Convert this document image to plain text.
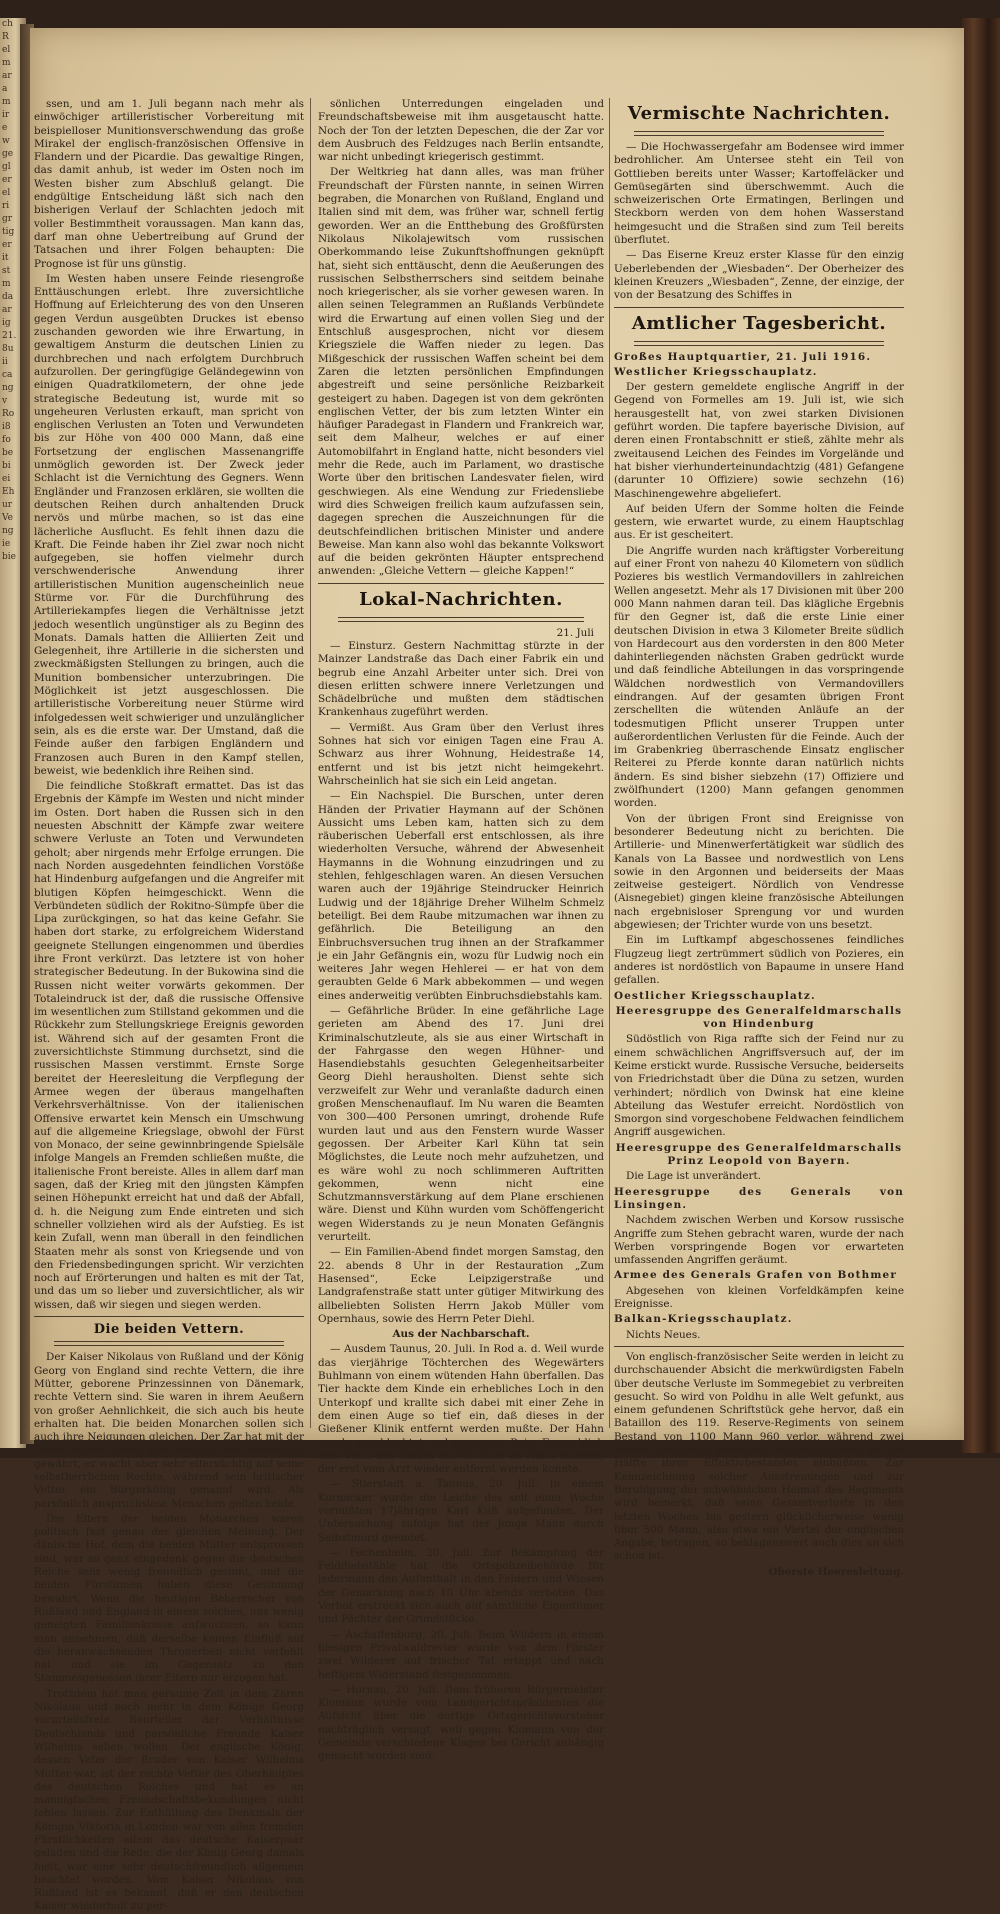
ch
R
el
m
ar
a
m
ir
e
w
ge
gl
er
el
ri
gr
tig
er
it
st
m
da
ar
ig
21.
8u
ii
ca
ng
v
Ro
i8
fo
be
bi
ei
Eh
ur
Ve
ng
ie
bie

ssen, und am 1. Juli begann nach mehr als einwöchiger artilleristischer Vorbereitung mit beispielloser Munitionsverschwendung das große Mirakel der englisch-französischen Offensive in Flandern und der Picardie. Das gewaltige Ringen, das damit anhub, ist weder im Osten noch im Westen bisher zum Abschluß gelangt. Die endgültige Entscheidung läßt sich nach den bisherigen Verlauf der Schlachten jedoch mit voller Bestimmtheit voraussagen. Man kann das, darf man ohne Uebertreibung auf Grund der Tatsachen und ihrer Folgen behaupten: Die Prognose ist für uns günstig.

Im Westen haben unsere Feinde riesengroße Enttäuschungen erlebt. Ihre zuversichtliche Hoffnung auf Erleichterung des von den Unseren gegen Verdun ausgeübten Druckes ist ebenso zuschanden geworden wie ihre Erwartung, in gewaltigem Ansturm die deutschen Linien zu durchbrechen und nach erfolgtem Durchbruch aufzurollen. Der geringfügige Geländegewinn von einigen Quadratkilometern, der ohne jede strategische Bedeutung ist, wurde mit so ungeheuren Verlusten erkauft, man spricht von englischen Verlusten an Toten und Verwundeten bis zur Höhe von 400 000 Mann, daß eine Fortsetzung der englischen Massenangriffe unmöglich geworden ist. Der Zweck jeder Schlacht ist die Vernichtung des Gegners. Wenn Engländer und Franzosen erklären, sie wollten die deutschen Reihen durch anhaltenden Druck nervös und mürbe machen, so ist das eine lächerliche Ausflucht. Es fehlt ihnen dazu die Kraft. Die Feinde haben ihr Ziel zwar noch nicht aufgegeben, sie hoffen vielmehr durch verschwenderische Anwendung ihrer artilleristischen Munition augenscheinlich neue Stürme vor. Für die Durchführung des Artilleriekampfes liegen die Verhältnisse jetzt jedoch wesentlich ungünstiger als zu Beginn des Monats. Damals hatten die Alliierten Zeit und Gelegenheit, ihre Artillerie in die sichersten und zweckmäßigsten Stellungen zu bringen, auch die Munition bombensicher unterzubringen. Die Möglichkeit ist jetzt ausgeschlossen. Die artilleristische Vorbereitung neuer Stürme wird infolgedessen weit schwieriger und unzulänglicher sein, als es die erste war. Der Umstand, daß die Feinde außer den farbigen Engländern und Franzosen auch Buren in den Kampf stellen, beweist, wie bedenklich ihre Reihen sind.

Die feindliche Stoßkraft ermattet. Das ist das Ergebnis der Kämpfe im Westen und nicht minder im Osten. Dort haben die Russen sich in den neuesten Abschnitt der Kämpfe zwar weitere schwere Verluste an Toten und Verwundeten geholt; aber nirgends mehr Erfolge errungen. Die nach Norden ausgedehnten feindlichen Vorstöße hat Hindenburg aufgefangen und die Angreifer mit blutigen Köpfen heimgeschickt. Wenn die Verbündeten südlich der Rokitno-Sümpfe über die Lipa zurückgingen, so hat das keine Gefahr. Sie haben dort starke, zu erfolgreichem Widerstand geeignete Stellungen eingenommen und überdies ihre Front verkürzt. Das letztere ist von hoher strategischer Bedeutung. In der Bukowina sind die Russen nicht weiter vorwärts gekommen. Der Totaleindruck ist der, daß die russische Offensive im wesentlichen zum Stillstand gekommen und die Rückkehr zum Stellungskriege Ereignis geworden ist. Während sich auf der gesamten Front die zuversichtlichste Stimmung durchsetzt, sind die russischen Massen verstimmt. Ernste Sorge bereitet der Heeresleitung die Verpflegung der Armee wegen der überaus mangelhaften Verkehrsverhältnisse. Von der italienischen Offensive erwartet kein Mensch ein Umschwung auf die allgemeine Kriegslage, obwohl der Fürst von Monaco, der seine gewinnbringende Spielsäle infolge Mangels an Fremden schließen mußte, die italienische Front bereiste. Alles in allem darf man sagen, daß der Krieg mit den jüngsten Kämpfen seinen Höhepunkt erreicht hat und daß der Abfall, d. h. die Neigung zum Ende eintreten und sich schneller vollziehen wird als der Aufstieg. Es ist kein Zufall, wenn man überall in den feindlichen Staaten mehr als sonst von Kriegsende und von den Friedensbedingungen spricht. Wir verzichten noch auf Erörterungen und halten es mit der Tat, und das um so lieber und zuversichtlicher, als wir wissen, daß wir siegen und siegen werden.

Die beiden Vettern.

Der Kaiser Nikolaus von Rußland und der König Georg von England sind rechte Vettern, die ihre Mütter, geborene Prinzessinnen von Dänemark, rechte Vettern sind. Sie waren in ihrem Aeußern von großer Aehnlichkeit, die sich auch bis heute erhalten hat. Die beiden Monarchen sollen sich auch ihre Neigungen gleichen. Der Zar hat mit der Duma seinem Lande wohl eine Art von Verfassung gewährt, er wacht aber sehr eifersüchtig auf seine selbstherrlichen Rechte, während sein britischer Vetter ein Bürgerkönig genannt wird. Als persönlich anspruchslose Menschen gelten beide.

Die Eltern der beiden Monarchen waren politisch fast genau der gleichen Meinung. Der dänische Hof, dem die beiden Mütter entsprossen sind, war so ganz eingedenk gegen die deutschen Reiche sehr wenig freundlich gesinnt, und die beiden Fürstinnen haben diese Gesinnung bewahrt. Wenn die heutigen Beherrscher von Rußland und England in einem solchen, uns wenig geneigten Familienkreise aufwuchsen, so kann man annehmen, daß derselbe keinen Einfluß auf die heranwachsenden Thronerben nicht verfehlt hat und sie im Gegensatz zu den Stammesgenossen ihrer Eltern nur erzogen hat.

Trotzdem hat man geraume Zeit in dem Zaren Nikolaus und noch mehr in dem Könige Georg vorurteilsfreie Beurteiler der Verhältnisse Deutschlands und persönliche Freunde Kaiser Wilhelms sehen wollen. Der englische König, dessen Vater der Bruder von Kaiser Wilhelms Mutter war, ist der rechte Vetter des Oberhauptes des deutschen Reiches und hat es an mannigfachen Freundschaftsbekundungen nicht fehlen lassen. Zur Enthüllung des Denkmals der Königin Viktoria in London war von allen fremden Fürstlichkeiten allein das deutsche Kaiserpaar geladen und die Rede, die der König Georg damals hielt, war eine sehr deutschfreundlich allgemein beachtet worden. Vom Kaiser Nikolaus von Rußland ist es bekannt, daß er den deutschen Kaiser wiederholt zu per-

sönlichen Unterredungen eingeladen und Freundschaftsbeweise mit ihm ausgetauscht hatte. Noch der Ton der letzten Depeschen, die der Zar vor dem Ausbruch des Feldzuges nach Berlin entsandte, war nicht unbedingt kriegerisch gestimmt.

Der Weltkrieg hat dann alles, was man früher Freundschaft der Fürsten nannte, in seinen Wirren begraben, die Monarchen von Rußland, England und Italien sind mit dem, was früher war, schnell fertig geworden. Wer an die Entthebung des Großfürsten Nikolaus Nikolajewitsch vom russischen Oberkommando leise Zukunftshoffnungen geknüpft hat, sieht sich enttäuscht, denn die Aeußerungen des russischen Selbstherrschers sind seitdem beinahe noch kriegerischer, als sie vorher gewesen waren. In allen seinen Telegrammen an Rußlands Verbündete wird die Erwartung auf einen vollen Sieg und der Entschluß ausgesprochen, nicht vor diesem Kriegsziele die Waffen nieder zu legen. Das Mißgeschick der russischen Waffen scheint bei dem Zaren die letzten persönlichen Empfindungen abgestreift und seine persönliche Reizbarkeit gesteigert zu haben. Dagegen ist von dem gekrönten englischen Vetter, der bis zum letzten Winter ein häufiger Paradegast in Flandern und Frankreich war, seit dem Malheur, welches er auf einer Automobilfahrt in England hatte, nicht besonders viel mehr die Rede, auch im Parlament, wo drastische Worte über den britischen Landesvater fielen, wird geschwiegen. Als eine Wendung zur Friedensliebe wird dies Schweigen freilich kaum aufzufassen sein, dagegen sprechen die Auszeichnungen für die deutschfeindlichen britischen Minister und andere Beweise. Man kann also wohl das bekannte Volkswort auf die beiden gekrönten Häupter entsprechend anwenden: „Gleiche Vettern — gleiche Kappen!“

Lokal-Nachrichten.
21. Juli

— Einsturz. Gestern Nachmittag stürzte in der Mainzer Landstraße das Dach einer Fabrik ein und begrub eine Anzahl Arbeiter unter sich. Drei von diesen erlitten schwere innere Verletzungen und Schädelbrüche und mußten dem städtischen Krankenhaus zugeführt werden.

— Vermißt. Aus Gram über den Verlust ihres Sohnes hat sich vor einigen Tagen eine Frau A. Schwarz aus ihrer Wohnung, Heidestraße 14, entfernt und ist bis jetzt nicht heimgekehrt. Wahrscheinlich hat sie sich ein Leid angetan.

— Ein Nachspiel. Die Burschen, unter deren Händen der Privatier Haymann auf der Schönen Aussicht ums Leben kam, hatten sich zu dem räuberischen Ueberfall erst entschlossen, als ihre wiederholten Versuche, während der Abwesenheit Haymanns in die Wohnung einzudringen und zu stehlen, fehlgeschlagen waren. An diesen Versuchen waren auch der 19jährige Steindrucker Heinrich Ludwig und der 18jährige Dreher Wilhelm Schmelz beteiligt. Bei dem Raube mitzumachen war ihnen zu gefährlich. Die Beteiligung an den Einbruchsversuchen trug ihnen an der Strafkammer je ein Jahr Gefängnis ein, wozu für Ludwig noch ein weiteres Jahr wegen Hehlerei — er hat von dem geraubten Gelde 6 Mark abbekommen — und wegen eines anderweitig verübten Einbruchsdiebstahls kam.

— Gefährliche Brüder. In eine gefährliche Lage gerieten am Abend des 17. Juni drei Kriminalschutzleute, als sie aus einer Wirtschaft in der Fahrgasse den wegen Hühner- und Hasendiebstahls gesuchten Gelegenheitsarbeiter Georg Diehl herausholten. Dienst sehte sich verzweifelt zur Wehr und veranlaßte dadurch einen großen Menschenauflauf. Im Nu waren die Beamten von 300—400 Personen umringt, drohende Rufe wurden laut und aus den Fenstern wurde Wasser gegossen. Der Arbeiter Karl Kühn tat sein Möglichstes, die Leute noch mehr aufzuhetzen, und es wäre wohl zu noch schlimmeren Auftritten gekommen, wenn nicht eine Schutzmannsverstärkung auf dem Plane erschienen wäre. Dienst und Kühn wurden vom Schöffengericht wegen Widerstands zu je neun Monaten Gefängnis verurteilt.

— Ein Familien-Abend findet morgen Samstag, den 22. abends 8 Uhr in der Restauration „Zum Hasensed“, Ecke Leipzigerstraße und Landgrafenstraße statt unter gütiger Mitwirkung des allbeliebten Solisten Herrn Jakob Müller vom Opernhaus, sowie des Herrn Peter Diehl.

Aus der Nachbarschaft.

— Ausdem Taunus, 20. Juli. In Rod a. d. Weil wurde das vierjährige Töchterchen des Wegewärters Buhlmann von einem wütenden Hahn überfallen. Das Tier hackte dem Kinde ein erhebliches Loch in den Unterkopf und krallte sich dabei mit einer Zehe in dem einen Auge so tief ein, daß dieses in der Gießener Klinik entfernt werden mußte. Der Hahn wurde geschlachtet und gegessen. Beim Essen blieb dem Vater des Kindes ein Knochen im Halse stecken, der erst vom Arzt wieder entfernt werden konnte.

— Stierstadt a. Taunus, 20. Juli. In einem Kornacker wurde die Leiche des seit einer Woche vermißten 17jährigen Karl Kuß aufgefunden. Der Untersuchung zufolge hat der junge Mann durch Selbstmord geendet.

— Fechenheim, 20. Juli. Zur Bekämpfung der Felddiebstähle hat die Ortspolizeibehörde für jedermann den Aufenthalt in den Feldern und Wiesen der Gemarkung nach 10 Uhr abends verboten. Das Verbot erstreckt sich auch auf sämtliche Eigentümer und Pächter der Grundstücke.

— Aschaffenburg, 20. Juli. Beim Wildern in einem hiesigen Privatwaldrevier wurde von dem Förster zwei Wilderer auf frischer Tat ertappt und nach heftigem Widerstand festgenommen.

— Hornau, 20. Juli. Dem früheren Bürgermeister Kiomann wurde vom Landgerichtspräsidenten die Aufsicht über die dortige Ortsgerichtsvorsteher nachträglich versagt, weil gegen Kiomann von der Gemeinde verschiedene Klagen bei Gericht anhängig gemacht worden sind.

Vermischte Nachrichten.

— Die Hochwassergefahr am Bodensee wird immer bedrohlicher. Am Untersee steht ein Teil von Gottlieben bereits unter Wasser; Kartoffeläcker und Gemüsegärten sind überschwemmt. Auch die schweizerischen Orte Ermatingen, Berlingen und Steckborn werden von dem hohen Wasserstand heimgesucht und die Straßen sind zum Teil bereits überflutet.

— Das Eiserne Kreuz erster Klasse für den einzig Ueberlebenden der „Wiesbaden“. Der Oberheizer des kleinen Kreuzers „Wiesbaden“, Zenne, der einzige, der von der Besatzung des Schiffes in

Amtlicher Tagesbericht.

Großes Hauptquartier, 21. Juli 1916.

Westlicher Kriegsschauplatz.

Der gestern gemeldete englische Angriff in der Gegend von Formelles am 19. Juli ist, wie sich herausgestellt hat, von zwei starken Divisionen geführt worden. Die tapfere bayerische Division, auf deren einen Frontabschnitt er stieß, zählte mehr als zweitausend Leichen des Feindes im Vorgelände und hat bisher vierhunderteinundachtzig (481) Gefangene (darunter 10 Offiziere) sowie sechzehn (16) Maschinengewehre abgeliefert.

Auf beiden Ufern der Somme holten die Feinde gestern, wie erwartet wurde, zu einem Hauptschlag aus. Er ist gescheitert.

Die Angriffe wurden nach kräftigster Vorbereitung auf einer Front von nahezu 40 Kilometern von südlich Pozieres bis westlich Vermandovillers in zahlreichen Wellen angesetzt. Mehr als 17 Divisionen mit über 200 000 Mann nahmen daran teil. Das klägliche Ergebnis für den Gegner ist, daß die erste Linie einer deutschen Division in etwa 3 Kilometer Breite südlich von Hardecourt aus den vordersten in den 800 Meter dahinterliegenden nächsten Graben gedrückt wurde und daß feindliche Abteilungen in das vorspringende Wäldchen nordwestlich von Vermandovillers eindrangen. Auf der gesamten übrigen Front zerschellten die wütenden Anläufe an der todesmutigen Pflicht unserer Truppen unter außerordentlichen Verlusten für die Feinde. Auch der im Grabenkrieg überraschende Einsatz englischer Reiterei zu Pferde konnte daran natürlich nichts ändern. Es sind bisher siebzehn (17) Offiziere und zwölfhundert (1200) Mann gefangen genommen worden.

Von der übrigen Front sind Ereignisse von besonderer Bedeutung nicht zu berichten. Die Artillerie- und Minenwerfertätigkeit war südlich des Kanals von La Bassee und nordwestlich von Lens sowie in den Argonnen und beiderseits der Maas zeitweise gesteigert. Nördlich von Vendresse (Aisnegebiet) gingen kleine französische Abteilungen nach ergebnisloser Sprengung vor und wurden abgewiesen; der Trichter wurde von uns besetzt.

Ein im Luftkampf abgeschossenes feindliches Flugzeug liegt zertrümmert südlich von Pozieres, ein anderes ist nordöstlich von Bapaume in unsere Hand gefallen.

Oestlicher Kriegsschauplatz.

Heeresgruppe des Generalfeldmarschalls von Hindenburg

Südöstlich von Riga raffte sich der Feind nur zu einem schwächlichen Angriffsversuch auf, der im Keime erstickt wurde. Russische Versuche, beiderseits von Friedrichstadt über die Düna zu setzen, wurden verhindert; nördlich von Dwinsk hat eine kleine Abteilung das Westufer erreicht. Nordöstlich von Smorgon sind vorgeschobene Feldwachen feindlichem Angriff ausgewichen.

Heeresgruppe des Generalfeldmarschalls Prinz Leopold von Bayern.

Die Lage ist unverändert.

Heeresgruppe des Generals von Linsingen.

Nachdem zwischen Werben und Korsow russische Angriffe zum Stehen gebracht waren, wurde der nach Werben vorspringende Bogen vor erwarteten umfassenden Angriffen geräumt.

Armee des Generals Grafen von Bothmer

Abgesehen von kleinen Vorfeldkämpfen keine Ereignisse.

Balkan-Kriegsschauplatz.

Nichts Neues.

Von englisch-französischer Seite werden in leicht zu durchschauender Absicht die merkwürdigsten Fabeln über deutsche Verluste im Sommegebiet zu verbreiten gesucht. So wird von Poldhu in alle Welt gefunkt, aus einem gefundenen Schriftstück gehe hervor, daß ein Bataillon des 119. Reserve-Regiments von seinem Bestand von 1100 Mann 960 verlor, während zwei andere Bataillone desselben Regiments mehr als die Hälfte ihres Effektivbestandes einbüßten. Zur Kennzeichnung solcher Ausstreuungen und zur Beruhigung der schwäbischen Heimat des Regiments wird bemerkt, daß seine Gesamtverluste in den letzten Wochen bis gestern glücklicherweise wenig über 500 Mann, also etwa ein Viertel der englischen Angabe, betragen, so beklagenswert auch dies an sich schon ist.

Oberste Heeresleitung.
